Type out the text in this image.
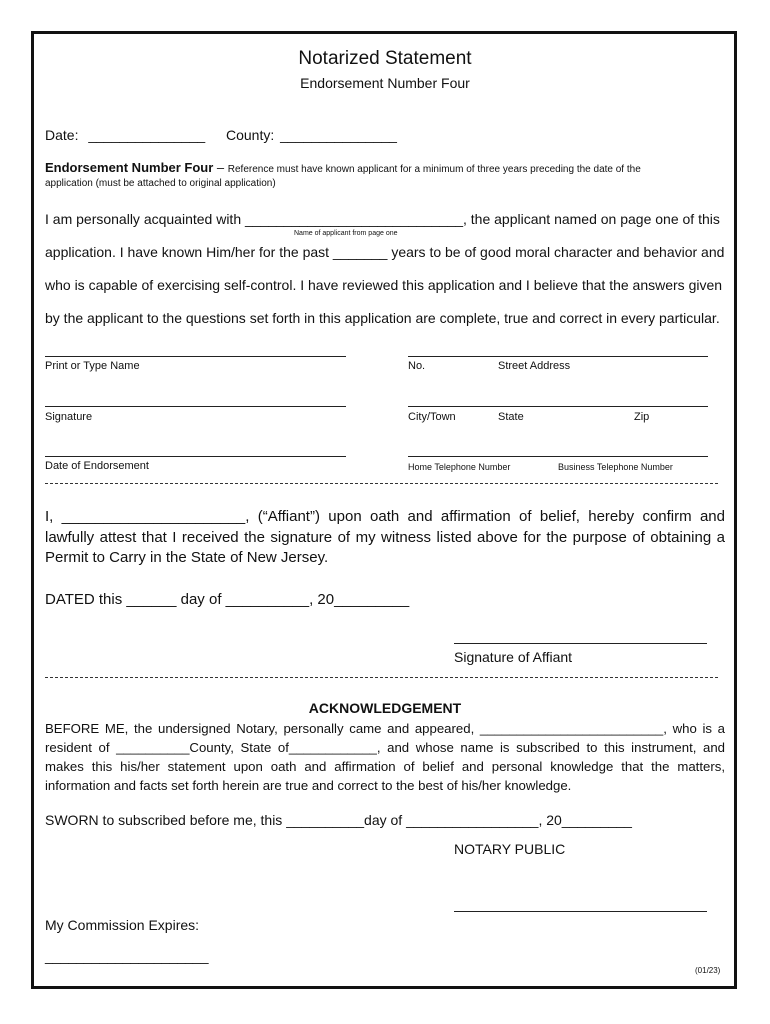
Notarized Statement
Endorsement Number Four
Date: _______________ County: _______________
Endorsement Number Four – Reference must have known applicant for a minimum of three years preceding the date of the
application (must be attached to original application)
I am personally acquainted with ____________________________, the applicant named on page one of this
Name of applicant from page one
application. I have known Him/her for the past _______ years to be of good moral character and behavior and
who is capable of exercising self-control. I have reviewed this application and I believe that the answers given
by the applicant to the questions set forth in this application are complete, true and correct in every particular.
Print or Type Name	No.	Street Address
Signature	City/Town	State	Zip
Date of Endorsement	Home Telephone Number	Business Telephone Number
I, ______________________, (“Affiant”) upon oath and affirmation of belief, hereby confirm and lawfully attest that I received the signature of my witness listed above for the purpose of obtaining a Permit to Carry in the State of New Jersey.
DATED this ______ day of __________, 20_________
Signature of Affiant
ACKNOWLEDGEMENT
BEFORE ME, the undersigned Notary, personally came and appeared, _________________________, who is a resident of __________County, State of____________, and whose name is subscribed to this instrument, and makes this his/her statement upon oath and affirmation of belief and personal knowledge that the matters, information and facts set forth herein are true and correct to the best of his/her knowledge.
SWORN to subscribed before me, this __________day of _________________, 20_________
NOTARY PUBLIC
My Commission Expires:
_____________________
(01/23)
